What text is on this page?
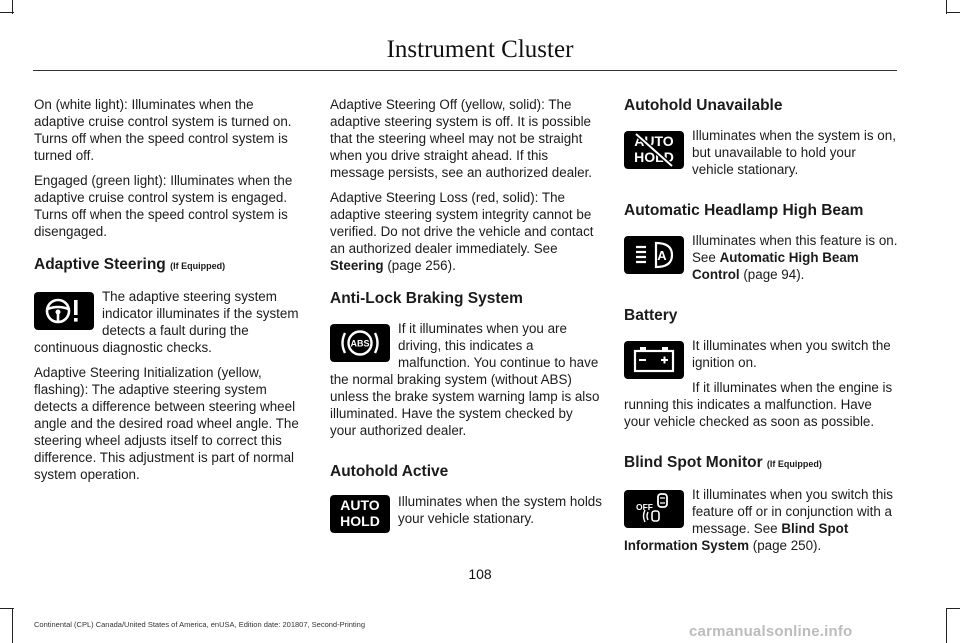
Instrument Cluster

On (white light): Illuminates when the adaptive cruise control system is turned on. Turns off when the speed control system is turned off.

Engaged (green light): Illuminates when the adaptive cruise control system is engaged. Turns off when the speed control system is disengaged.

Adaptive Steering (If Equipped)

The adaptive steering system indicator illuminates if the system detects a fault during the continuous diagnostic checks.

Adaptive Steering Initialization (yellow, flashing): The adaptive steering system detects a difference between steering wheel angle and the desired road wheel angle. The steering wheel adjusts itself to correct this difference. This adjustment is part of normal system operation.

Adaptive Steering Off (yellow, solid): The adaptive steering system is off. It is possible that the steering wheel may not be straight when you drive straight ahead. If this message persists, see an authorized dealer.

Adaptive Steering Loss (red, solid): The adaptive steering system integrity cannot be verified. Do not drive the vehicle and contact an authorized dealer immediately. See Steering (page 256).

Anti-Lock Braking System
ABS

If it illuminates when you are driving, this indicates a malfunction. You continue to have the normal braking system (without ABS) unless the brake system warning lamp is also illuminated. Have the system checked by your authorized dealer.

Autohold Active
AUTO
HOLD

Illuminates when the system holds your vehicle stationary.

Autohold Unavailable
AUTO
HOLD

Illuminates when the system is on, but unavailable to hold your vehicle stationary.

Automatic Headlamp High Beam
A

Illuminates when this feature is on. See Automatic High Beam Control (page 94).

Battery

It illuminates when you switch the ignition on.

If it illuminates when the engine is running this indicates a malfunction. Have your vehicle checked as soon as possible.

Blind Spot Monitor (If Equipped)
OFF

It illuminates when you switch this feature off or in conjunction with a message. See Blind Spot Information System (page 250).

108
Continental (CPL) Canada/United States of America, enUSA, Edition date: 201807, Second-Printing	carmanualsonline.info
